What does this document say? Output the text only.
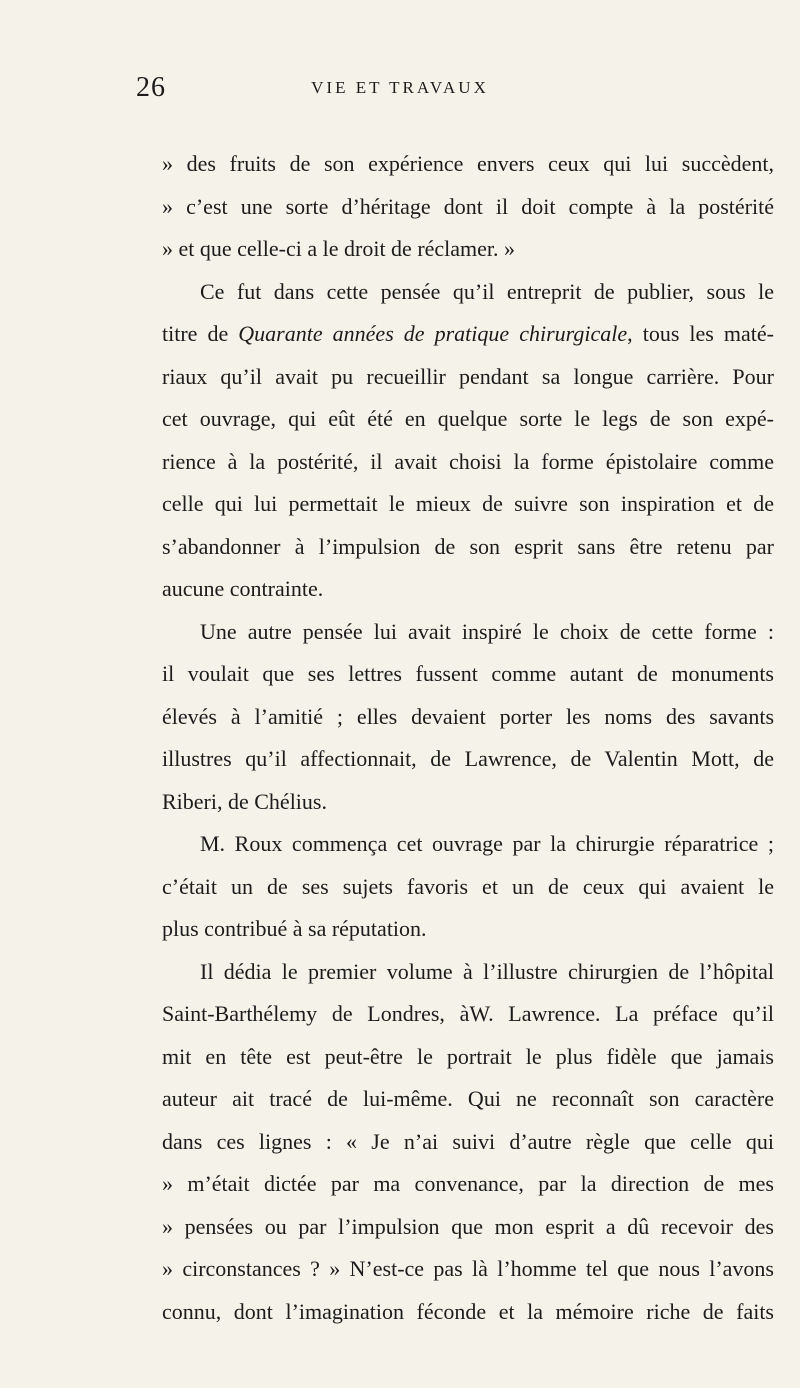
26	VIE ET TRAVAUX
» des fruits de son expérience envers ceux qui lui succèdent,
» c’est une sorte d’héritage dont il doit compte à la postérité
» et que celle-ci a le droit de réclamer. »
Ce fut dans cette pensée qu’il entreprit de publier, sous le
titre de Quarante années de pratique chirurgicale, tous les maté-
riaux qu’il avait pu recueillir pendant sa longue carrière. Pour
cet ouvrage, qui eût été en quelque sorte le legs de son expé-
rience à la postérité, il avait choisi la forme épistolaire comme
celle qui lui permettait le mieux de suivre son inspiration et de
s’abandonner à l’impulsion de son esprit sans être retenu par
aucune contrainte.
Une autre pensée lui avait inspiré le choix de cette forme :
il voulait que ses lettres fussent comme autant de monuments
élevés à l’amitié ; elles devaient porter les noms des savants
illustres qu’il affectionnait, de Lawrence, de Valentin Mott, de
Riberi, de Chélius.
M. Roux commença cet ouvrage par la chirurgie réparatrice ;
c’était un de ses sujets favoris et un de ceux qui avaient le
plus contribué à sa réputation.
Il dédia le premier volume à l’illustre chirurgien de l’hôpital
Saint-Barthélemy de Londres, àW. Lawrence. La préface qu’il
mit en tête est peut-être le portrait le plus fidèle que jamais
auteur ait tracé de lui-même. Qui ne reconnaît son caractère
dans ces lignes : « Je n’ai suivi d’autre règle que celle qui
» m’était dictée par ma convenance, par la direction de mes
» pensées ou par l’impulsion que mon esprit a dû recevoir des
» circonstances ? » N’est-ce pas là l’homme tel que nous l’avons
connu, dont l’imagination féconde et la mémoire riche de faits
